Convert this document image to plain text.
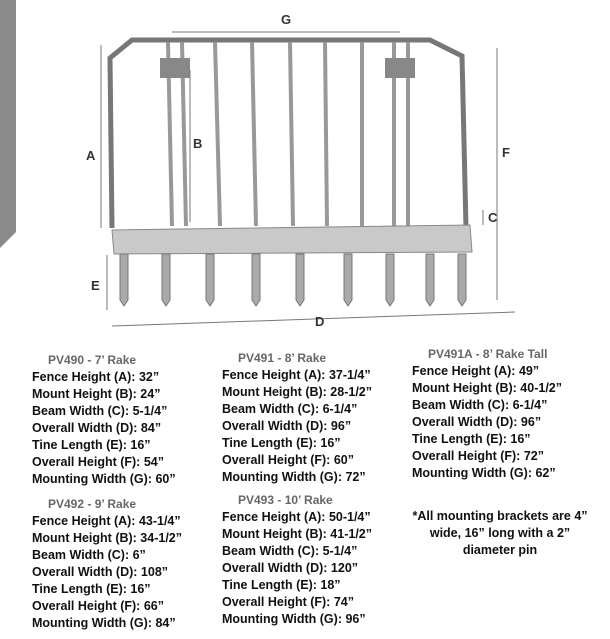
G
A
B
F
C
E
D
PV490 - 7’ Rake
Fence Height (A): 32”
Mount Height (B): 24”
Beam Width (C): 5-1/4”
Overall Width (D): 84”
Tine Length (E): 16”
Overall Height (F): 54”
Mounting Width (G): 60”
PV491 - 8’ Rake
Fence Height (A): 37-1/4”
Mount Height (B): 28-1/2”
Beam Width (C): 6-1/4”
Overall Width (D): 96”
Tine Length (E): 16”
Overall Height (F): 60”
Mounting Width (G): 72”
PV491A - 8’ Rake Tall
Fence Height (A): 49”
Mount Height (B): 40-1/2”
Beam Width (C): 6-1/4”
Overall Width (D): 96”
Tine Length (E): 16”
Overall Height (F): 72”
Mounting Width (G): 62”
PV492 - 9’ Rake
Fence Height (A): 43-1/4”
Mount Height (B): 34-1/2”
Beam Width (C): 6”
Overall Width (D): 108”
Tine Length (E): 16”
Overall Height (F): 66”
Mounting Width (G): 84”
PV493 - 10’ Rake
Fence Height (A): 50-1/4”
Mount Height (B): 41-1/2”
Beam Width (C): 5-1/4”
Overall Width (D): 120”
Tine Length (E): 18”
Overall Height (F): 74”
Mounting Width (G): 96”
*All mounting brackets are 4” wide, 16” long with a 2” diameter pin
